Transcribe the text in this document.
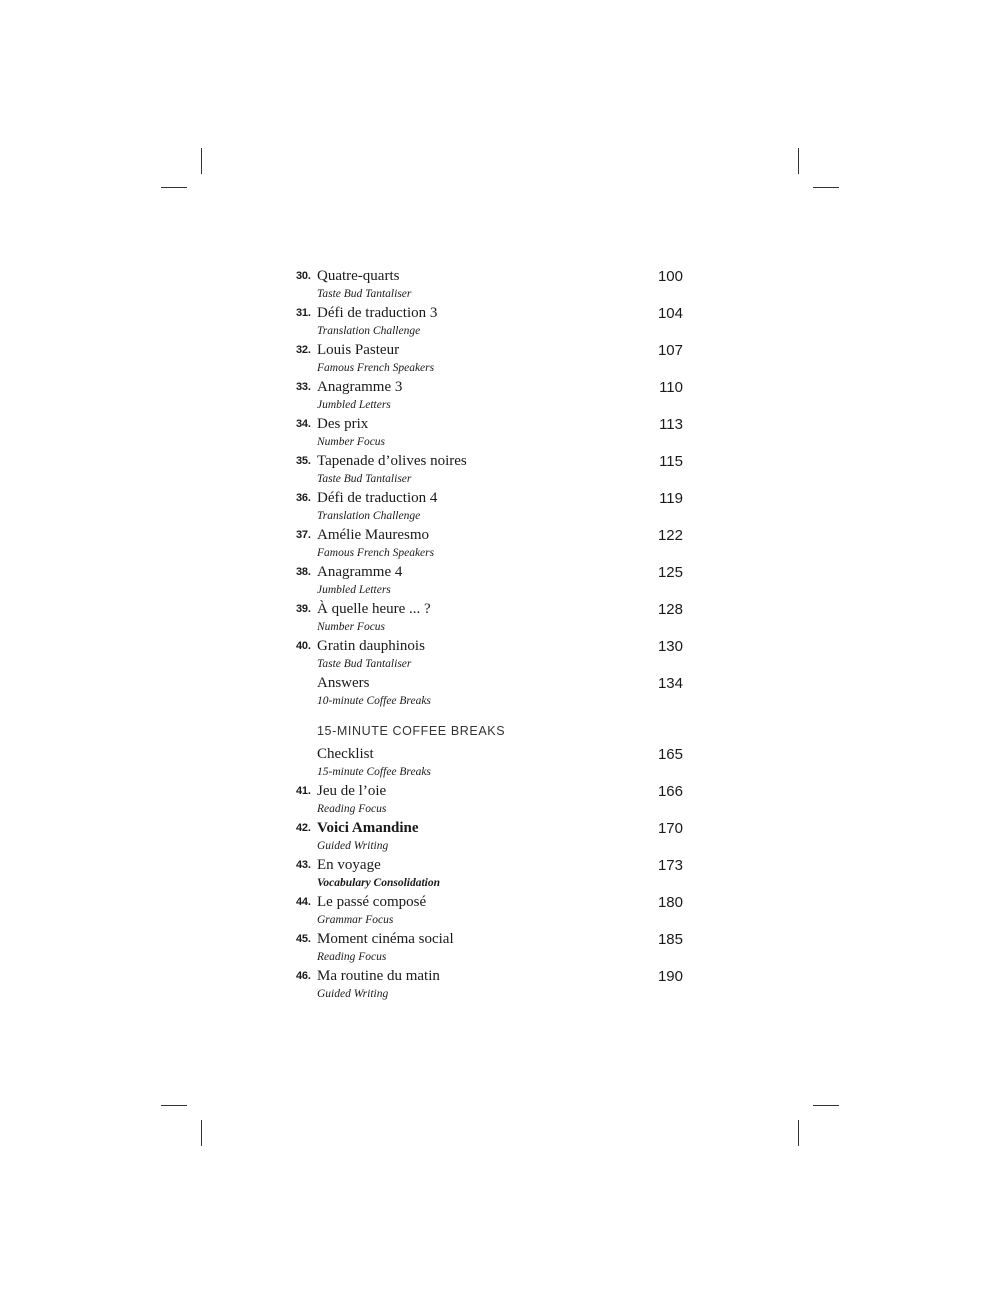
30. Quatre-quarts
Taste Bud Tantaliser
100
31. Défi de traduction 3
Translation Challenge
104
32. Louis Pasteur
Famous French Speakers
107
33. Anagramme 3
Jumbled Letters
110
34. Des prix
Number Focus
113
35. Tapenade d’olives noires
Taste Bud Tantaliser
115
36. Défi de traduction 4
Translation Challenge
119
37. Amélie Mauresmo
Famous French Speakers
122
38. Anagramme 4
Jumbled Letters
125
39. À quelle heure ... ?
Number Focus
128
40. Gratin dauphinois
Taste Bud Tantaliser
130
Answers
10-minute Coffee Breaks
134
15-MINUTE COFFEE BREAKS
Checklist
15-minute Coffee Breaks
165
41. Jeu de l’oie
Reading Focus
166
42. Voici Amandine
Guided Writing
170
43. En voyage
Vocabulary Consolidation
173
44. Le passé composé
Grammar Focus
180
45. Moment cinéma social
Reading Focus
185
46. Ma routine du matin
Guided Writing
190
